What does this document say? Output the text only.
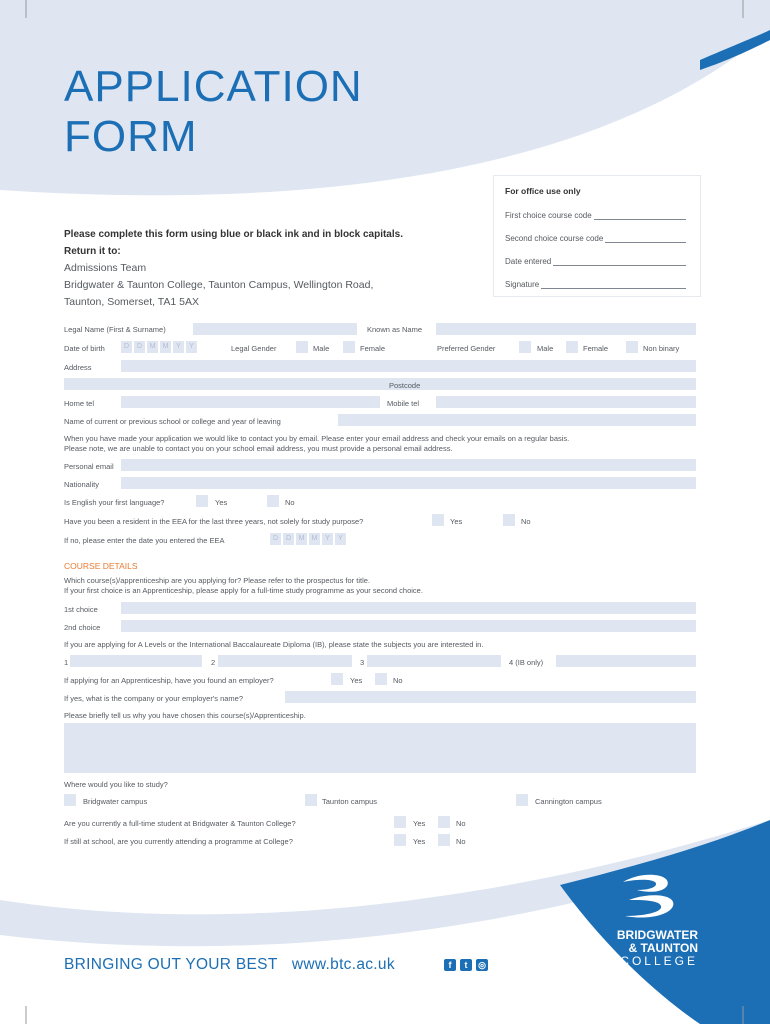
APPLICATION
FORM
For office use only
First choice course code
Second choice course code
Date entered
Signature
Please complete this form using blue or black ink and in block capitals.
Return it to:
Admissions Team
Bridgwater & Taunton College, Taunton Campus, Wellington Road,
Taunton, Somerset, TA1 5AX
Legal Name (First & Surname)	Known as Name
Date of birth	D	D	M	M	Y	Y	Legal Gender	Male	Female	Preferred Gender	Male	Female	Non binary
Address
Postcode
Home tel	Mobile tel
Name of current or previous school or college and year of leaving
When you have made your application we would like to contact you by email. Please enter your email address and check your emails on a regular basis.
Please note, we are unable to contact you on your school email address, you must provide a personal email address.
Personal email
Nationality
Is English your first language?	Yes	No
Have you been a resident in the EEA for the last three years, not solely for study purpose?	Yes	No
If no, please enter the date you entered the EEA	D	D	M	M	Y	Y
COURSE DETAILS
Which course(s)/apprenticeship are you applying for? Please refer to the prospectus for title.
If your first choice is an Apprenticeship, please apply for a full-time study programme as your second choice.
1st choice
2nd choice
If you are applying for A Levels or the International Baccalaureate Diploma (IB), please state the subjects you are interested in.
1	2	3	4 (IB only)
If applying for an Apprenticeship, have you found an employer?	Yes	No
If yes, what is the company or your employer's name?
Please briefly tell us why you have chosen this course(s)/Apprenticeship.
Where would you like to study?
Bridgwater campus	Taunton campus	Cannington campus
Are you currently a full-time student at Bridgwater & Taunton College?	Yes	No
If still at school, are you currently attending a programme at College?	Yes	No
BRINGING OUT YOUR BEST www.btc.ac.uk	f	t	◎
BRIDGWATER
& TAUNTON
COLLEGE
